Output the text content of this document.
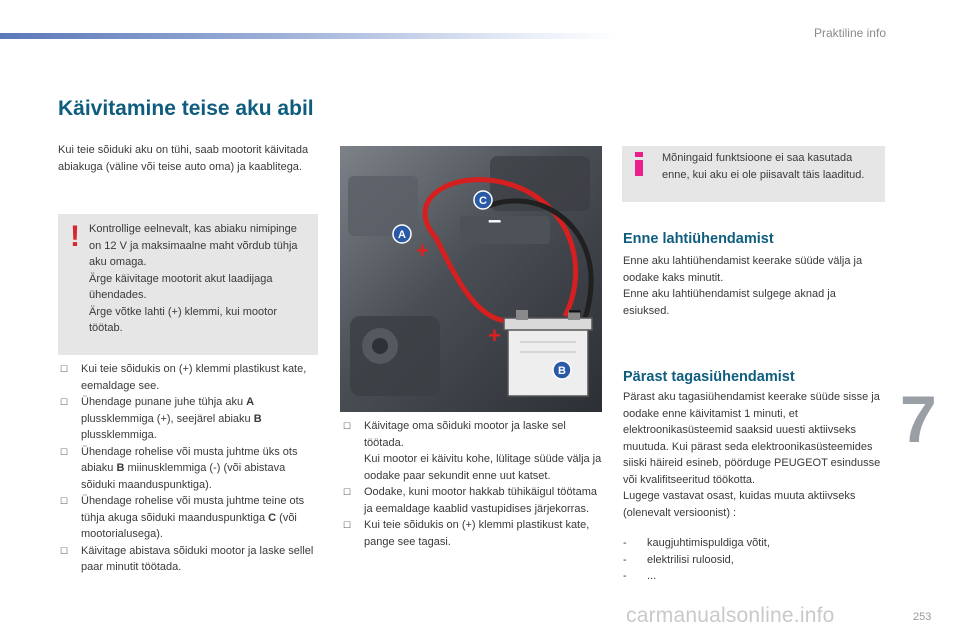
Praktiline info
Käivitamine teise aku abil

Kui teie sõiduki aku on tühi, saab mootorit käivitada abiakuga (väline või teise auto oma) ja kaablitega.

! Kontrollige eelnevalt, kas abiaku nimipinge on 12 V ja maksimaalne maht võrdub tühja aku omaga.

Ärge käivitage mootorit akut laadijaga ühendades.

Ärge võtke lahti (+) klemmi, kui mootor töötab.

☐ Kui teie sõidukis on (+) klemmi plastikust kate, eemaldage see.
☐ Ühendage punane juhe tühja aku A plussklemmiga (+), seejärel abiaku B plussklemmiga.
☐ Ühendage rohelise või musta juhtme üks ots abiaku B miinusklemmiga (-) (või abistava sõiduki maanduspunktiga).
☐ Ühendage rohelise või musta juhtme teine ots tühja akuga sõiduki maanduspunktiga C (või mootorialusega).
☐ Käivitage abistava sõiduki mootor ja laske sellel paar minutit töötada.
+
–
+
–
A
C
B
☐ Käivitage oma sõiduki mootor ja laske sel töötada.
Kui mootor ei käivitu kohe, lülitage süüde välja ja oodake paar sekundit enne uut katset.
☐ Oodake, kuni mootor hakkab tühikäigul töötama ja eemaldage kaablid vastupidises järjekorras.
☐ Kui teie sõidukis on (+) klemmi plastikust kate, pange see tagasi.

Mõningaid funktsioone ei saa kasutada enne, kui aku ei ole piisavalt täis laaditud.

Enne lahtiühendamist

Enne aku lahtiühendamist keerake süüde välja ja oodake kaks minutit.

Enne aku lahtiühendamist sulgege aknad ja esiuksed.

Pärast tagasiühendamist

Pärast aku tagasiühendamist keerake süüde sisse ja oodake enne käivitamist 1 minuti, et elektroonikasüsteemid saaksid uuesti aktiivseks muutuda. Kui pärast seda elektroonikasüsteemides siiski häireid esineb, pöörduge PEUGEOT esindusse või kvalifitseeritud töökotta.

Lugege vastavat osast, kuidas muuta aktiivseks (olenevalt versioonist) :

- kaugjuhtimispuldiga võtit,
- elektrilisi ruloosid,
- ...
7
carmanualsonline.info	253
